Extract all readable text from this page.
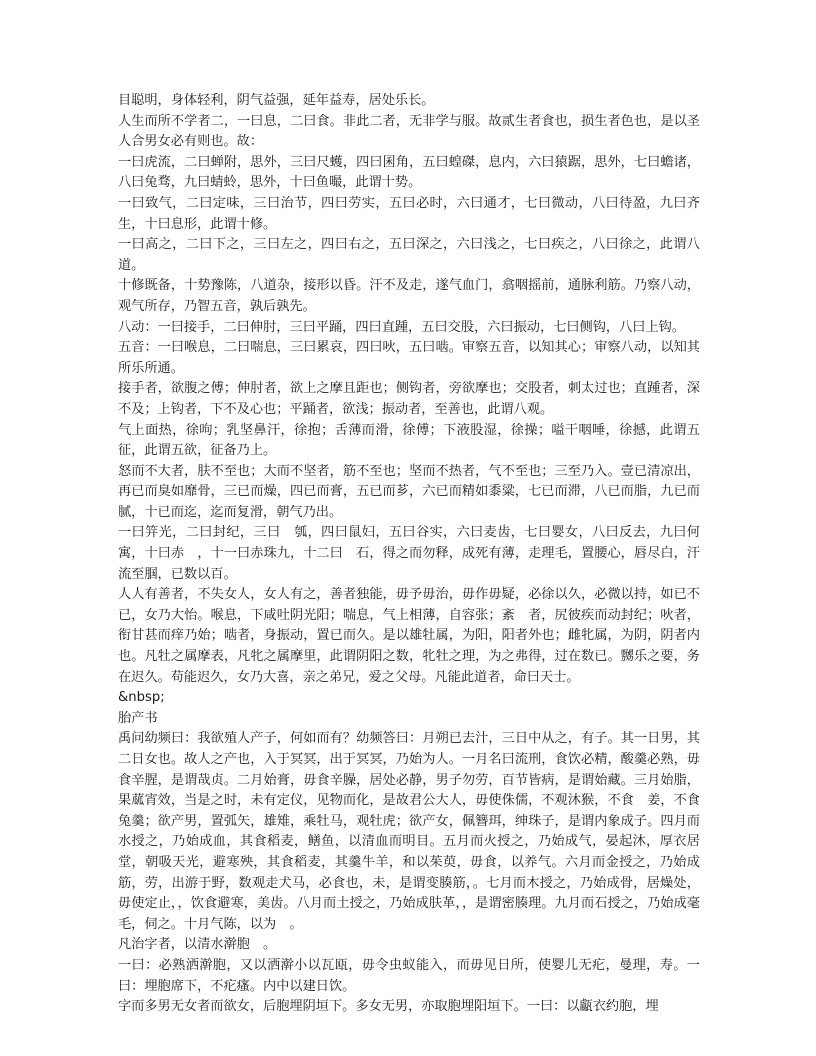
目聪明，身体轻利，阴气益强，延年益寿，居处乐长。

人生而所不学者二，一曰息，二曰食。非此二者，无非学与服。故贰生者食也，损生者色也，是以圣人合男女必有则也。故：

一曰虎流，二曰蝉附，思外，三曰尺蠖，四曰囷角，五曰蝗磔，息内，六曰猿踞，思外，七曰蟾诸，八曰兔骛，九曰蜻蛉，思外，十曰鱼嘬，此谓十势。

一曰致气，二曰定味，三曰治节，四曰劳实，五曰必时，六曰通才，七曰微动，八曰待盈，九曰齐生，十曰息形，此谓十修。

一曰高之，二曰下之，三曰左之，四曰右之，五曰深之，六曰浅之，七曰疾之，八曰徐之，此谓八道。

十修既备，十势豫陈，八道杂，接形以昏。汗不及走，遂气血门，翕咽摇前，通脉利筋。乃察八动，观气所存，乃智五音，孰后孰先。

八动：一曰接手，二曰伸肘，三曰平踊，四曰直踵，五曰交股，六曰振动，七曰侧钩，八曰上钩。

五音：一曰喉息，二曰喘息，三曰累哀，四曰吙，五曰啮。审察五音，以知其心；审察八动，以知其所乐所通。

接手者，欲腹之傅；伸肘者，欲上之摩且距也；侧钩者，旁欲摩也；交股者，刺太过也；直踵者，深不及；上钩者，下不及心也；平踊者，欲浅；振动者，至善也，此谓八观。

气上面热，徐呴；乳坚鼻汗，徐抱；舌薄而滑，徐傅；下液股湿，徐操；嗌干咽唾，徐撼，此谓五征，此谓五欲，征备乃上。

怒而不大者，肤不至也；大而不坚者，筋不至也；坚而不热者，气不至也；三至乃入。壹已清凉出，再已而臭如靡骨，三已而燥，四已而膏，五已而芗，六已而精如黍粱，七已而滞，八已而脂，九已而腻，十已而迄，迄而复滑，朝气乃出。

一曰笄光，二曰封纪，三曰　瓠，四曰鼠妇，五曰谷实，六曰麦齿，七曰婴女，八曰反去，九曰何寓，十曰赤　，十一曰赤珠九，十二曰　石，得之而勿释，成死有薄，走理毛，置腰心，唇尽白，汗流至腘，已数以百。

人人有善者，不失女人，女人有之，善者独能，毋予毋治，毋作毋疑，必徐以久，必微以持，如已不已，女乃大怡。喉息，下咸吐阴光阳；喘息，气上相薄，自容张；紊　者，尻彼疾而动封纪；吙者，衔甘甚而痒乃始；啮者，身振动，置已而久。是以雄牡属，为阳，阳者外也；雌牝属，为阴，阴者内也。凡牡之属摩表，凡牝之属摩里，此谓阴阳之数，牝牡之理，为之弗得，过在数已。嬲乐之要，务在迟久。苟能迟久，女乃大喜，亲之弟兄，爱之父母。凡能此道者，命曰天士。

&nbsp;

胎产书

禹问幼频曰：我欲殖人产子，何如而有？幼频答曰：月朔已去汁，三日中从之，有子。其一日男，其二日女也。故人之产也，入于冥冥，出于冥冥，乃始为人。一月名曰流刑，食饮必精，酸羹必熟，毋食辛腥，是谓哉贞。二月始膏，毋食辛臊，居处必静，男子勿劳，百节皆病，是谓始藏。三月始脂，果蓏宵效，当是之时，未有定仪，见物而化，是故君公大人，毋使侏儒，不观沐猴，不食　姜，不食兔羹；欲产男，置弧矢，雄雉，乘牡马，观牡虎；欲产女，佩簪珥，绅珠子，是谓内象成子。四月而水授之，乃始成血，其食稻麦，鳝鱼，以清血而明目。五月而火授之，乃始成气，晏起沐，厚衣居堂，朝吸天光，避寒殃，其食稻麦，其羹牛羊，和以茱萸，毋食，以养气。六月而金授之，乃始成筋，劳，出游于野，数观走犬马，必食也，未，是谓变腠筋，。七月而木授之，乃始成骨，居燥处，毋使定止，，饮食避寒，美齿。八月而土授之，乃始成肤革，，是谓密腠理。九月而石授之，乃始成毫毛，伺之。十月气陈，以为　。

凡治字者，以清水澣胞　。

一曰：必熟洒澣胞，又以洒澣小以瓦瓯，毋令虫蚁能入，而毋见日所，使婴儿无疕，曼理，寿。一曰：埋胞席下，不疕瘙。内中以建日饮。

字而多男无女者而欲女，后胞埋阴垣下。多女无男，亦取胞埋阳垣下。一曰：以甗衣约胞，埋
